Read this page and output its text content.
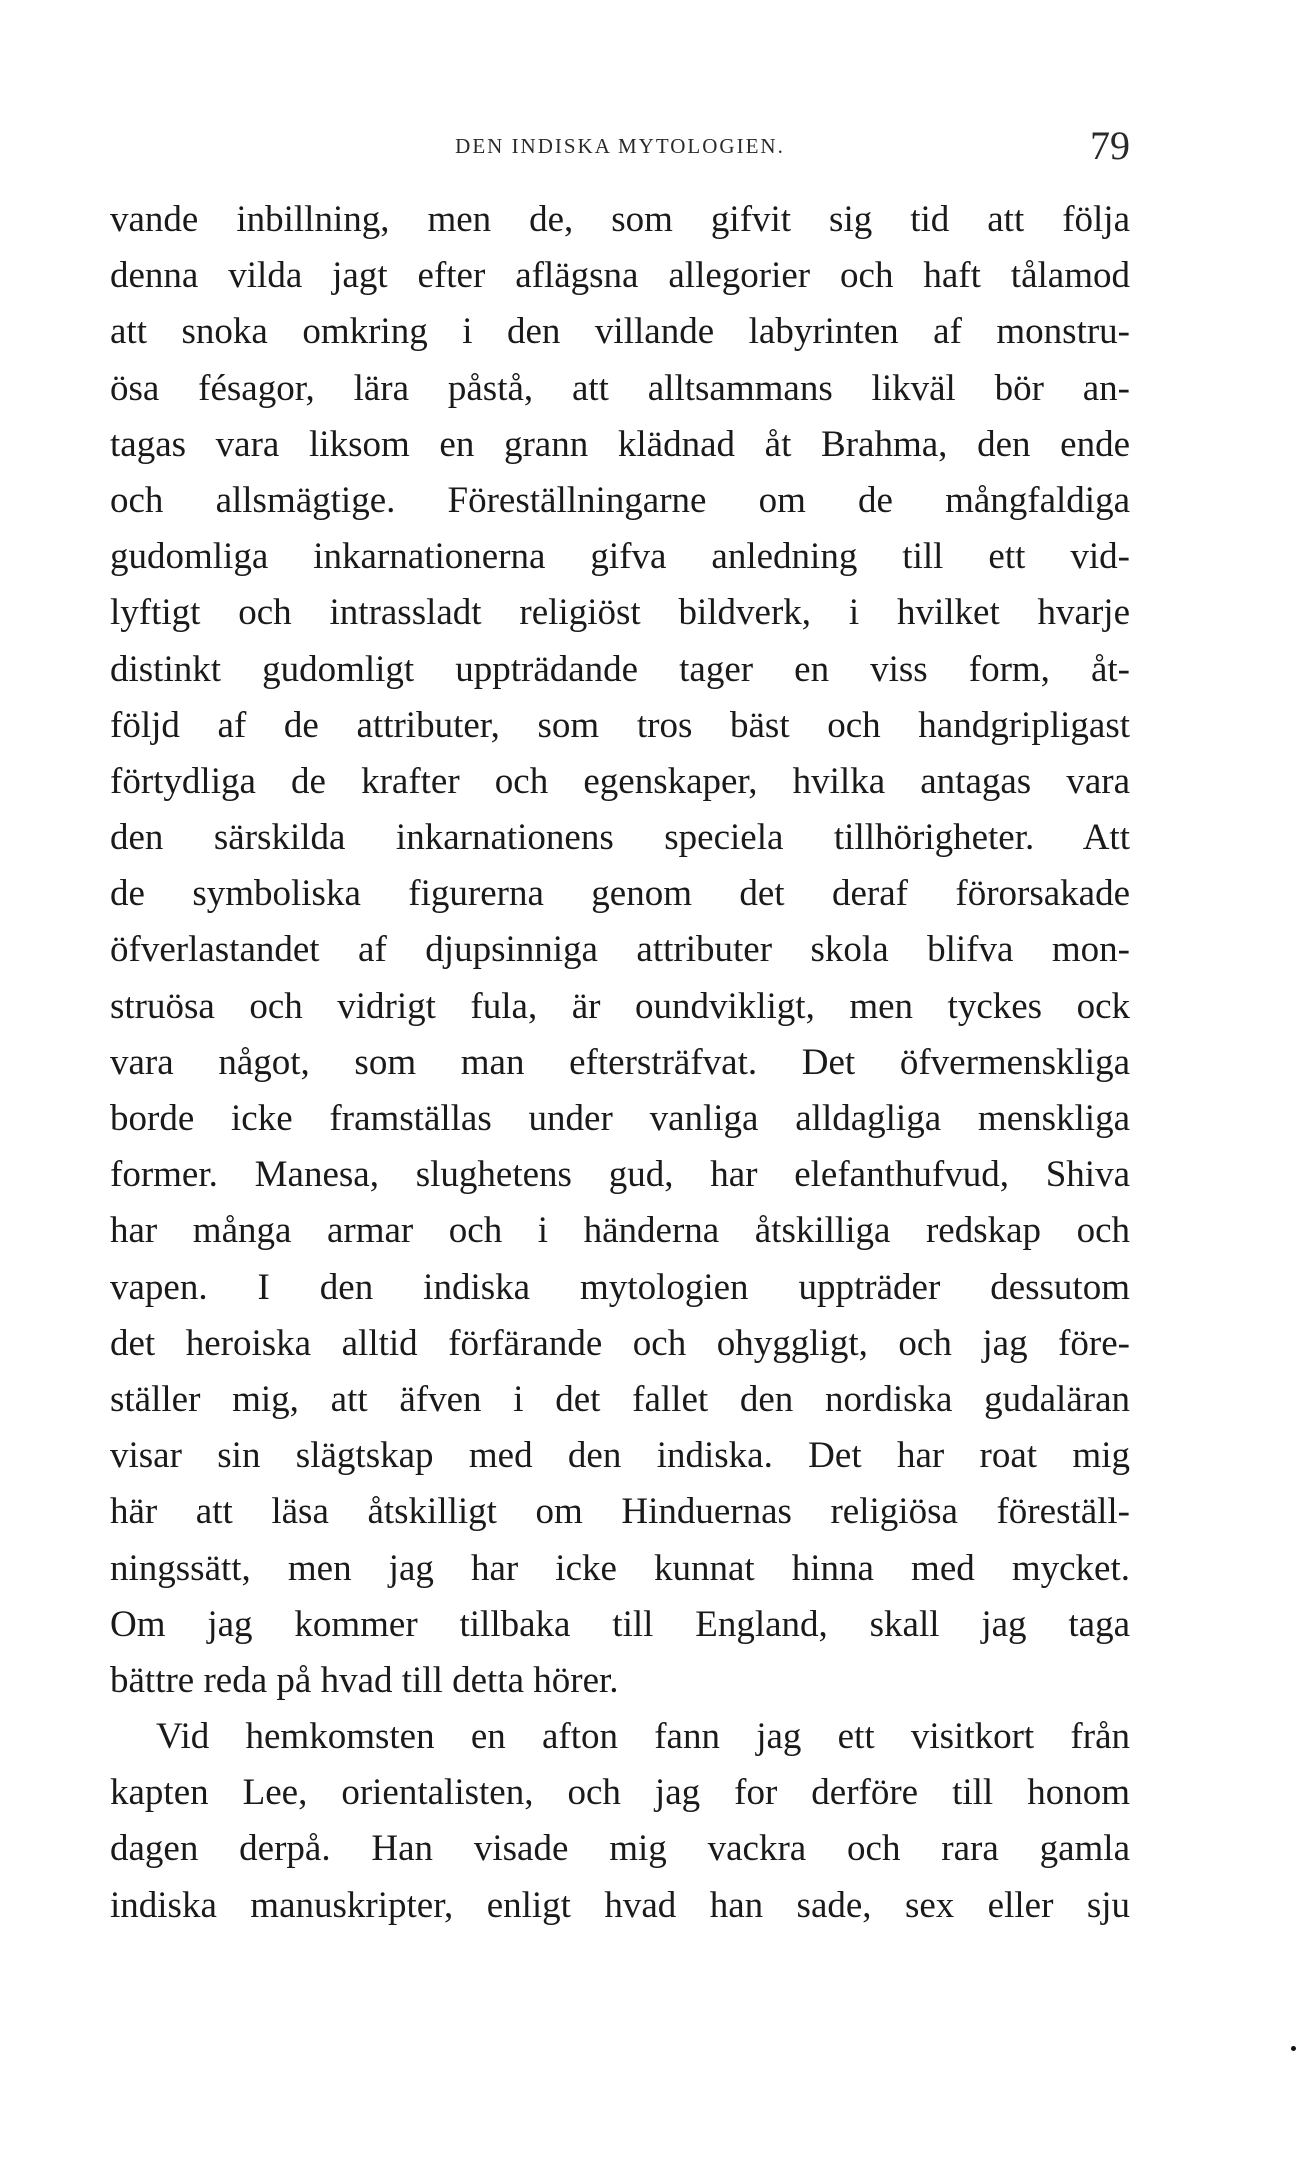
DEN INDISKA MYTOLOGIEN.	79
vande inbillning, men de, som gifvit sig tid att följa
denna vilda jagt efter aflägsna allegorier och haft tålamod
att snoka omkring i den villande labyrinten af monstru-
ösa fésagor, lära påstå, att alltsammans likväl bör an-
tagas vara liksom en grann klädnad åt Brahma, den ende
och allsmägtige. Föreställningarne om de mångfaldiga
gudomliga inkarnationerna gifva anledning till ett vid-
lyftigt och intrassladt religiöst bildverk, i hvilket hvarje
distinkt gudomligt uppträdande tager en viss form, åt-
följd af de attributer, som tros bäst och handgripligast
förtydliga de krafter och egenskaper, hvilka antagas vara
den särskilda inkarnationens speciela tillhörigheter. Att
de symboliska figurerna genom det deraf förorsakade
öfverlastandet af djupsinniga attributer skola blifva mon-
struösa och vidrigt fula, är oundvikligt, men tyckes ock
vara något, som man eftersträfvat. Det öfvermenskliga
borde icke framställas under vanliga alldagliga menskliga
former. Manesa, slughetens gud, har elefanthufvud, Shiva
har många armar och i händerna åtskilliga redskap och
vapen. I den indiska mytologien uppträder dessutom
det heroiska alltid förfärande och ohyggligt, och jag före-
ställer mig, att äfven i det fallet den nordiska gudaläran
visar sin slägtskap med den indiska. Det har roat mig
här att läsa åtskilligt om Hinduernas religiösa föreställ-
ningssätt, men jag har icke kunnat hinna med mycket.
Om jag kommer tillbaka till England, skall jag taga
bättre reda på hvad till detta hörer.
Vid hemkomsten en afton fann jag ett visitkort från
kapten Lee, orientalisten, och jag for derföre till honom
dagen derpå. Han visade mig vackra och rara gamla
indiska manuskripter, enligt hvad han sade, sex eller sju
